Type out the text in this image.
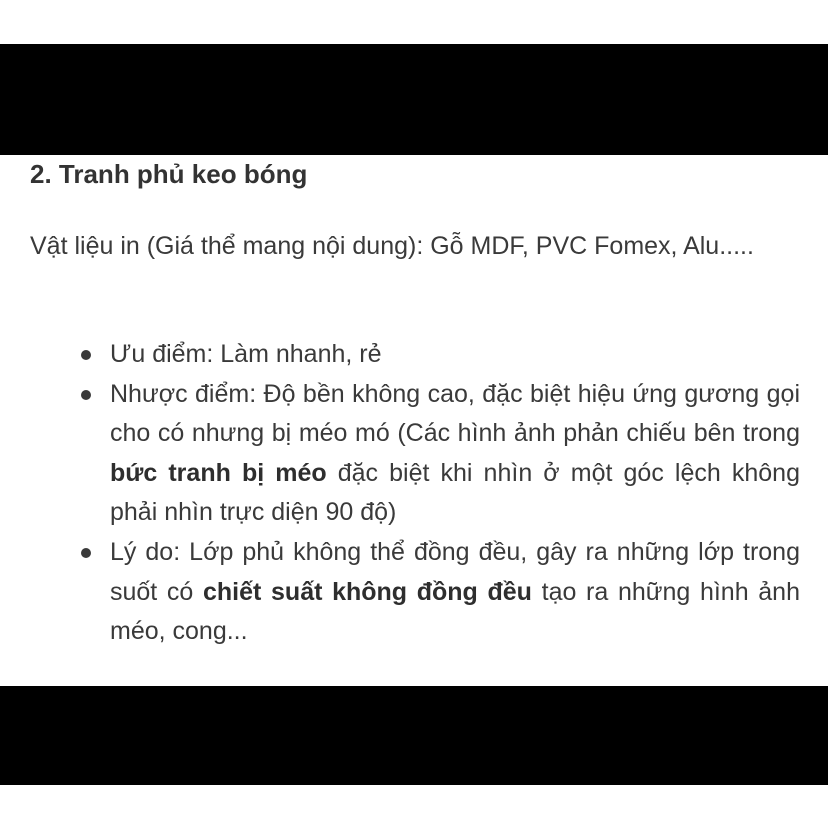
2. Tranh phủ keo bóng

Vật liệu in (Giá thể mang nội dung): Gỗ MDF, PVC Fomex, Alu.....

Ưu điểm: Làm nhanh, rẻ
Nhược điểm: Độ bền không cao, đặc biệt hiệu ứng gương gọi cho có nhưng bị méo mó (Các hình ảnh phản chiếu bên trong bức tranh bị méo đặc biệt khi nhìn ở một góc lệch không phải nhìn trực diện 90 độ)
Lý do: Lớp phủ không thể đồng đều, gây ra những lớp trong suốt có chiết suất không đồng đều tạo ra những hình ảnh méo, cong...
